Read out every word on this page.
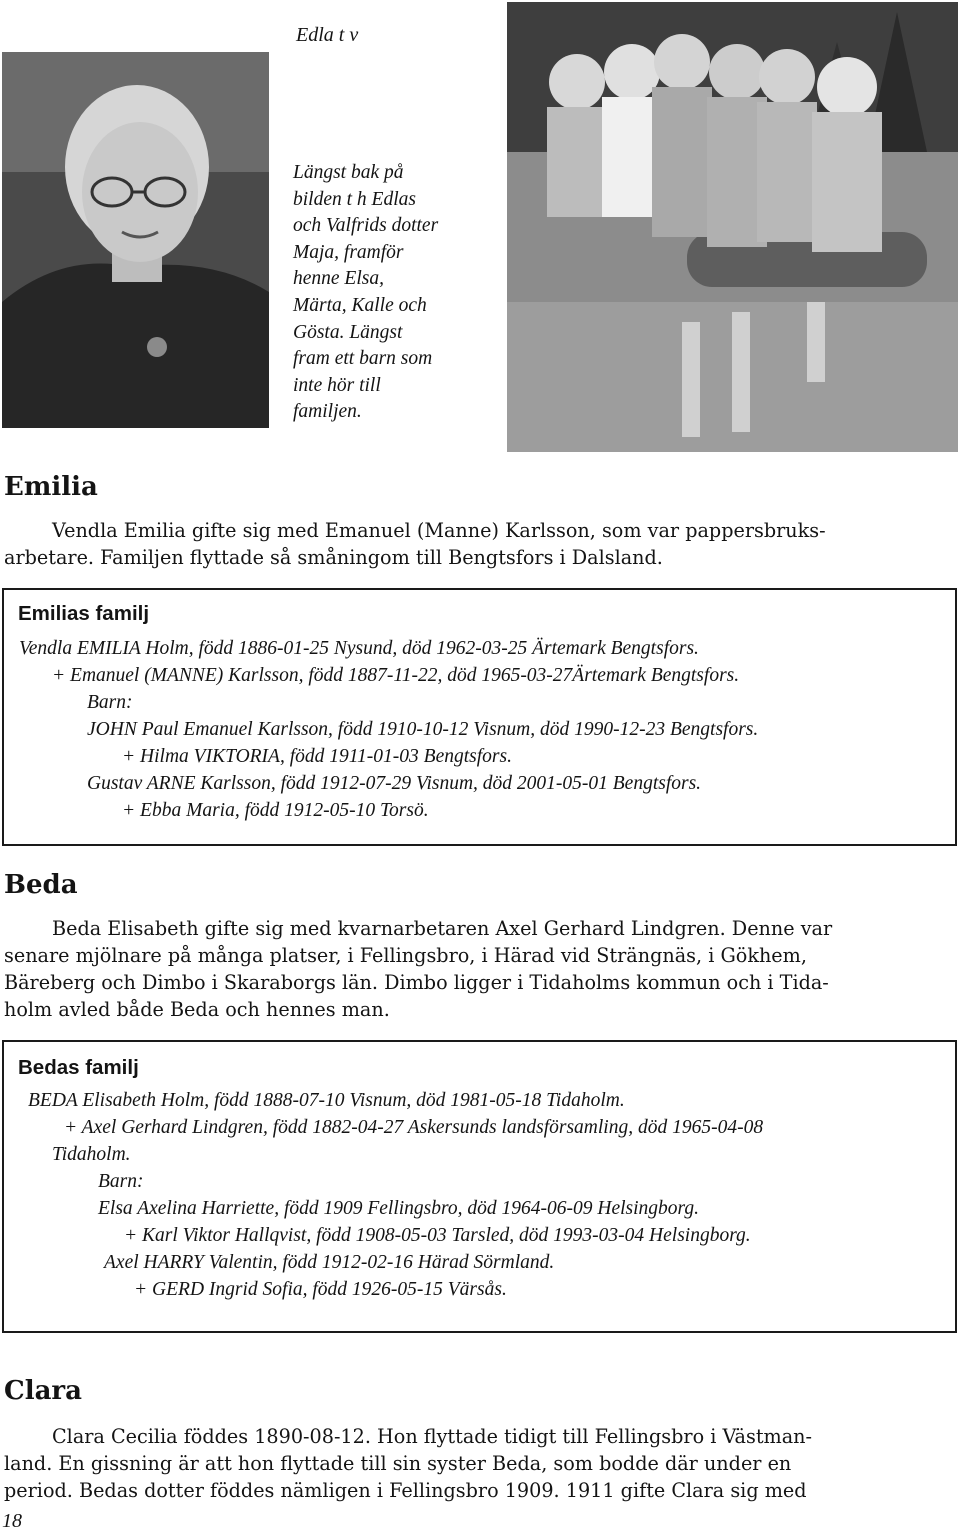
Edla t v
Längst bak på
bilden t h Edlas
och Valfrids dotter
Maja, framför
henne Elsa,
Märta, Kalle och
Gösta. Längst
fram ett barn som
inte hör till
familjen.
Emilia
Vendla Emilia gifte sig med Emanuel (Manne) Karlsson, som var pappersbruks-
arbetare. Familjen flyttade så småningom till Bengtsfors i Dalsland.
Emilias familj
Vendla EMILIA Holm, född 1886-01-25 Nysund, död 1962-03-25 Ärtemark Bengtsfors.
+ Emanuel (MANNE) Karlsson, född 1887-11-22, död 1965-03-27Ärtemark Bengtsfors.
Barn:
JOHN Paul Emanuel Karlsson, född 1910-10-12 Visnum, död 1990-12-23 Bengtsfors.
+ Hilma VIKTORIA, född 1911-01-03 Bengtsfors.
Gustav ARNE Karlsson, född 1912-07-29 Visnum, död 2001-05-01 Bengtsfors.
+ Ebba Maria, född 1912-05-10 Torsö.
Beda
Beda Elisabeth gifte sig med kvarnarbetaren Axel Gerhard Lindgren. Denne var
senare mjölnare på många platser, i Fellingsbro, i Härad vid Strängnäs, i Gökhem,
Bäreberg och Dimbo i Skaraborgs län. Dimbo ligger i Tidaholms kommun och i Tida-
holm avled både Beda och hennes man.
Bedas familj
BEDA Elisabeth Holm, född 1888-07-10 Visnum, död 1981-05-18 Tidaholm.
+ Axel Gerhard Lindgren, född 1882-04-27 Askersunds landsförsamling, död 1965-04-08
Tidaholm.
Barn:
Elsa Axelina Harriette, född 1909 Fellingsbro, död 1964-06-09 Helsingborg.
+ Karl Viktor Hallqvist, född 1908-05-03 Tarsled, död 1993-03-04 Helsingborg.
Axel HARRY Valentin, född 1912-02-16 Härad Sörmland.
+ GERD Ingrid Sofia, född 1926-05-15 Värsås.
Clara
Clara Cecilia föddes 1890-08-12. Hon flyttade tidigt till Fellingsbro i Västman-
land. En gissning är att hon flyttade till sin syster Beda, som bodde där under en
period. Bedas dotter föddes nämligen i Fellingsbro 1909. 1911 gifte Clara sig med
18
